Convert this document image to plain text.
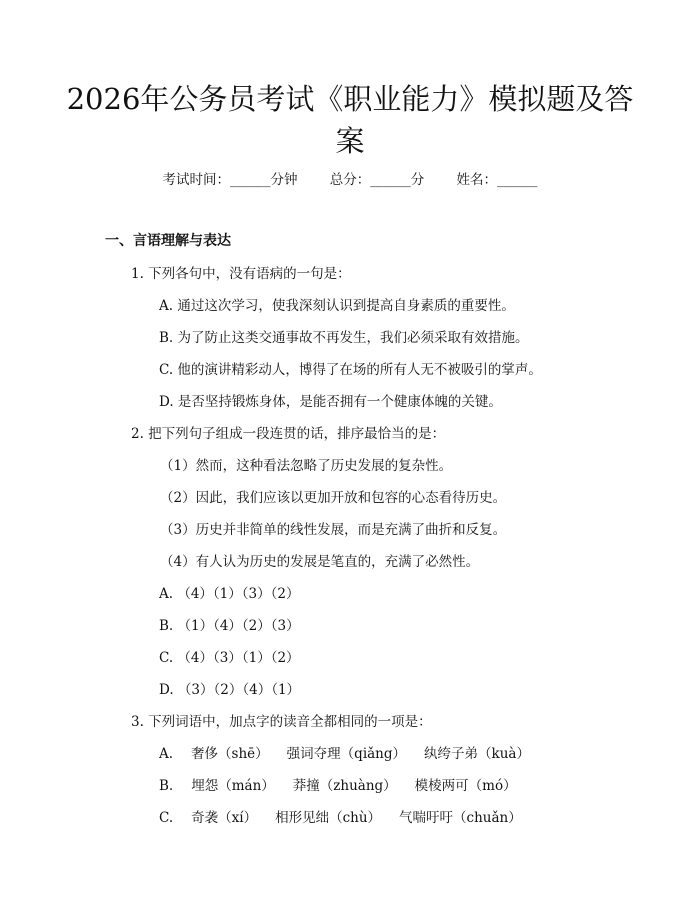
2026年公务员考试《职业能力》模拟题及答案
考试时间：______分钟 总分：______分 姓名：______
一、言语理解与表达
1. 下列各句中，没有语病的一句是：
A. 通过这次学习，使我深刻认识到提高自身素质的重要性。
B. 为了防止这类交通事故不再发生，我们必须采取有效措施。
C. 他的演讲精彩动人，博得了在场的所有人无不被吸引的掌声。
D. 是否坚持锻炼身体，是能否拥有一个健康体魄的关键。
2. 把下列句子组成一段连贯的话，排序最恰当的是：
（1）然而，这种看法忽略了历史发展的复杂性。
（2）因此，我们应该以更加开放和包容的心态看待历史。
（3）历史并非简单的线性发展，而是充满了曲折和反复。
（4）有人认为历史的发展是笔直的，充满了必然性。
A. （4）（1）（3）（2）
B. （1）（4）（2）（3）
C. （4）（3）（1）（2）
D. （3）（2）（4）（1）
3. 下列词语中，加点字的读音全都相同的一项是：
A. 奢侈（shē） 强词夺理（qiǎng） 纨绔子弟（kuà）
B. 埋怨（mán） 莽撞（zhuàng） 模棱两可（mó）
C. 奇袭（xí） 相形见绌（chù） 气喘吁吁（chuǎn）
